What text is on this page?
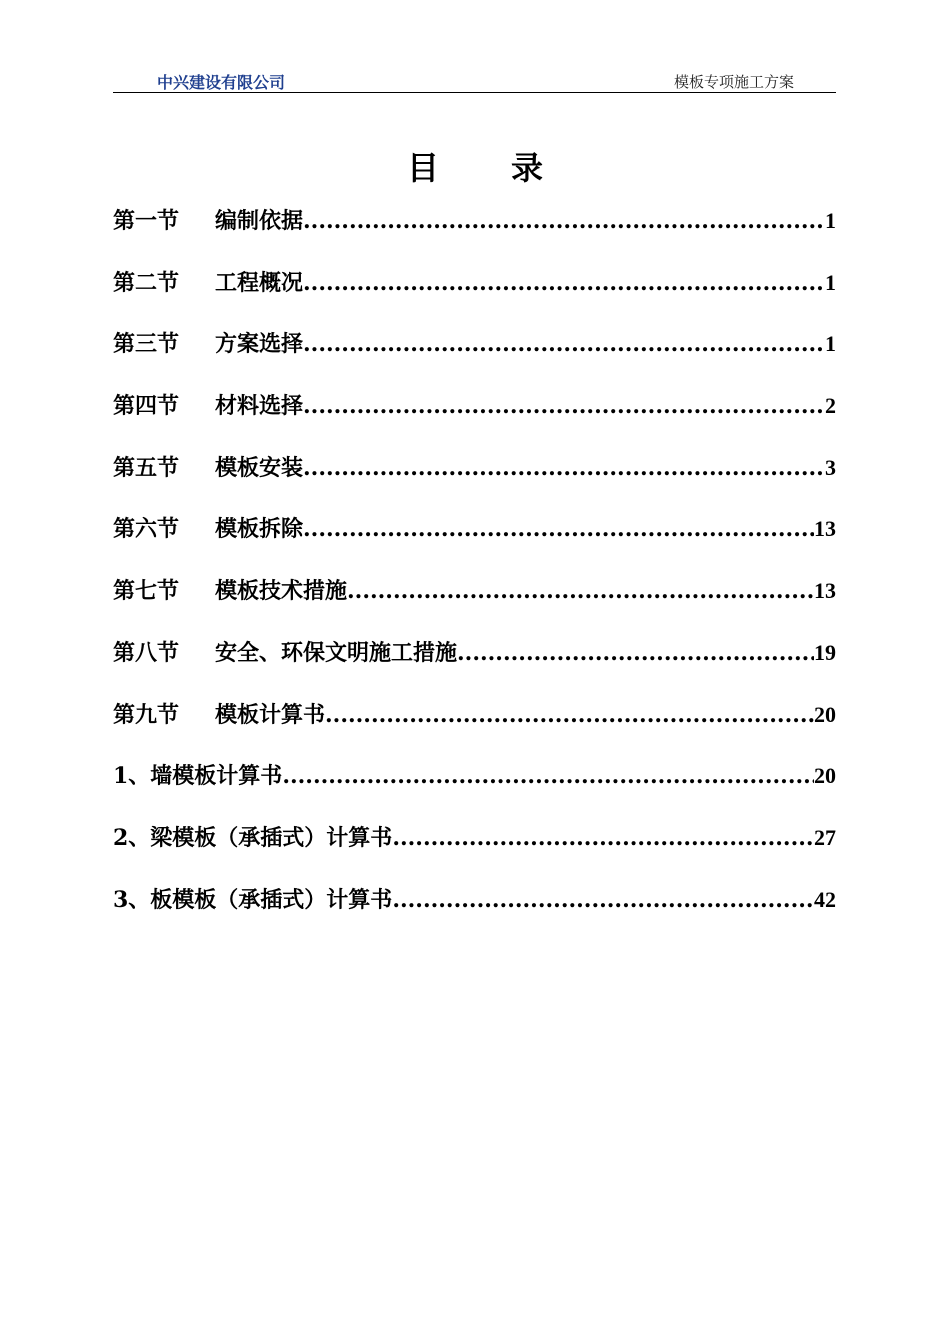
中兴建设有限公司	模板专项施工方案
目 录
第一节	编制依据 .....	1
第二节	工程概况 .....	1
第三节	方案选择 .....	1
第四节	材料选择 .....	2
第五节	模板安装 .....	3
第六节	模板拆除 .....	13
第七节	模板技术措施 .....	13
第八节	安全、环保文明施工措施 .....	19
第九节	模板计算书 .....	20
1、墙模板计算书 .....	20
2、梁模板（承插式）计算书 .....	27
3、板模板（承插式）计算书 .....	42
